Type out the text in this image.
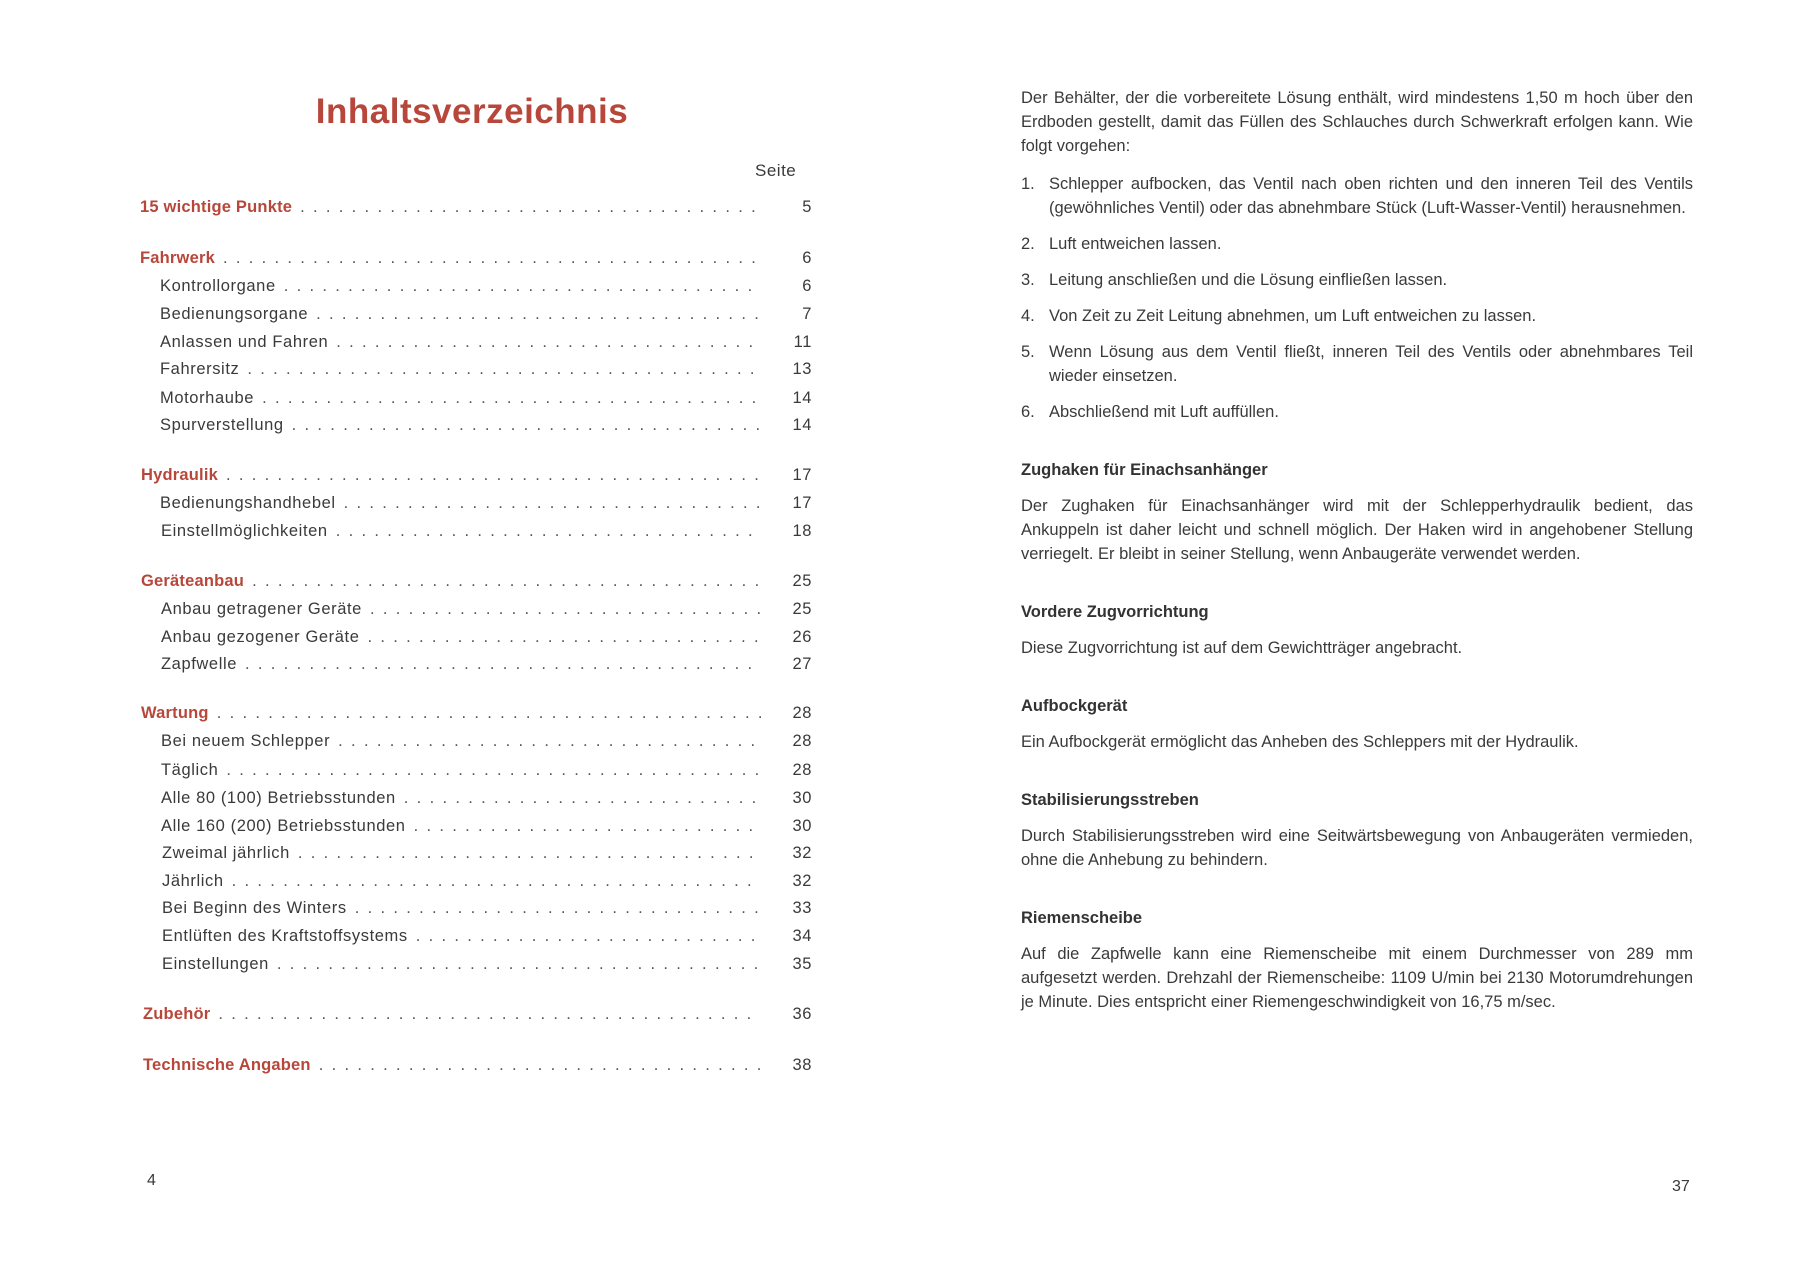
Inhaltsverzeichnis
Seite
15 wichtige Punkte ....................................	5
Fahrwerk ..........................................	6
Kontrollorgane .....................................	6
Bedienungsorgane ...................................	7
Anlassen und Fahren .................................	11
Fahrersitz ........................................	13
Motorhaube .......................................	14
Spurverstellung .....................................	14
Hydraulik ..........................................	17
Bedienungshandhebel .................................	17
Einstellmöglichkeiten .................................	18
Geräteanbau ........................................	25
Anbau getragener Geräte ...............................	25
Anbau gezogener Geräte ...............................	26
Zapfwelle ........................................	27
Wartung ...........................................	28
Bei neuem Schlepper .................................	28
Täglich ..........................................	28
Alle 80 (100) Betriebsstunden ............................	30
Alle 160 (200) Betriebsstunden ...........................	30
Zweimal jährlich ....................................	32
Jährlich .........................................	32
Bei Beginn des Winters ................................	33
Entlüften des Kraftstoffsystems ...........................	34
Einstellungen ......................................	35
Zubehör ..........................................	36
Technische Angaben ...................................	38
4

Der Behälter, der die vorbereitete Lösung enthält, wird mindestens 1,50 m hoch über den Erdboden gestellt, damit das Füllen des Schlauches durch Schwerkraft erfolgen kann. Wie folgt vorgehen:

1. Schlepper aufbocken, das Ventil nach oben richten und den inneren Teil des Ventils (gewöhnliches Ventil) oder das abnehmbare Stück (Luft-Wasser-Ventil) herausnehmen.
2. Luft entweichen lassen.
3. Leitung anschließen und die Lösung einfließen lassen.
4. Von Zeit zu Zeit Leitung abnehmen, um Luft entweichen zu lassen.
5. Wenn Lösung aus dem Ventil fließt, inneren Teil des Ventils oder abnehmbares Teil wieder einsetzen.
6. Abschließend mit Luft auffüllen.
Zughaken für Einachsanhänger

Der Zughaken für Einachsanhänger wird mit der Schlepperhydraulik bedient, das Ankuppeln ist daher leicht und schnell möglich. Der Haken wird in angehobener Stellung verriegelt. Er bleibt in seiner Stellung, wenn Anbaugeräte verwendet werden.

Vordere Zugvorrichtung

Diese Zugvorrichtung ist auf dem Gewichtträger angebracht.

Aufbockgerät

Ein Aufbockgerät ermöglicht das Anheben des Schleppers mit der Hydraulik.

Stabilisierungsstreben

Durch Stabilisierungsstreben wird eine Seitwärtsbewegung von Anbaugeräten vermieden, ohne die Anhebung zu behindern.

Riemenscheibe

Auf die Zapfwelle kann eine Riemenscheibe mit einem Durchmesser von 289 mm aufgesetzt werden. Drehzahl der Riemenscheibe: 1109 U/min bei 2130 Motorumdrehungen je Minute. Dies entspricht einer Riemengeschwindigkeit von 16,75 m/sec.

37
